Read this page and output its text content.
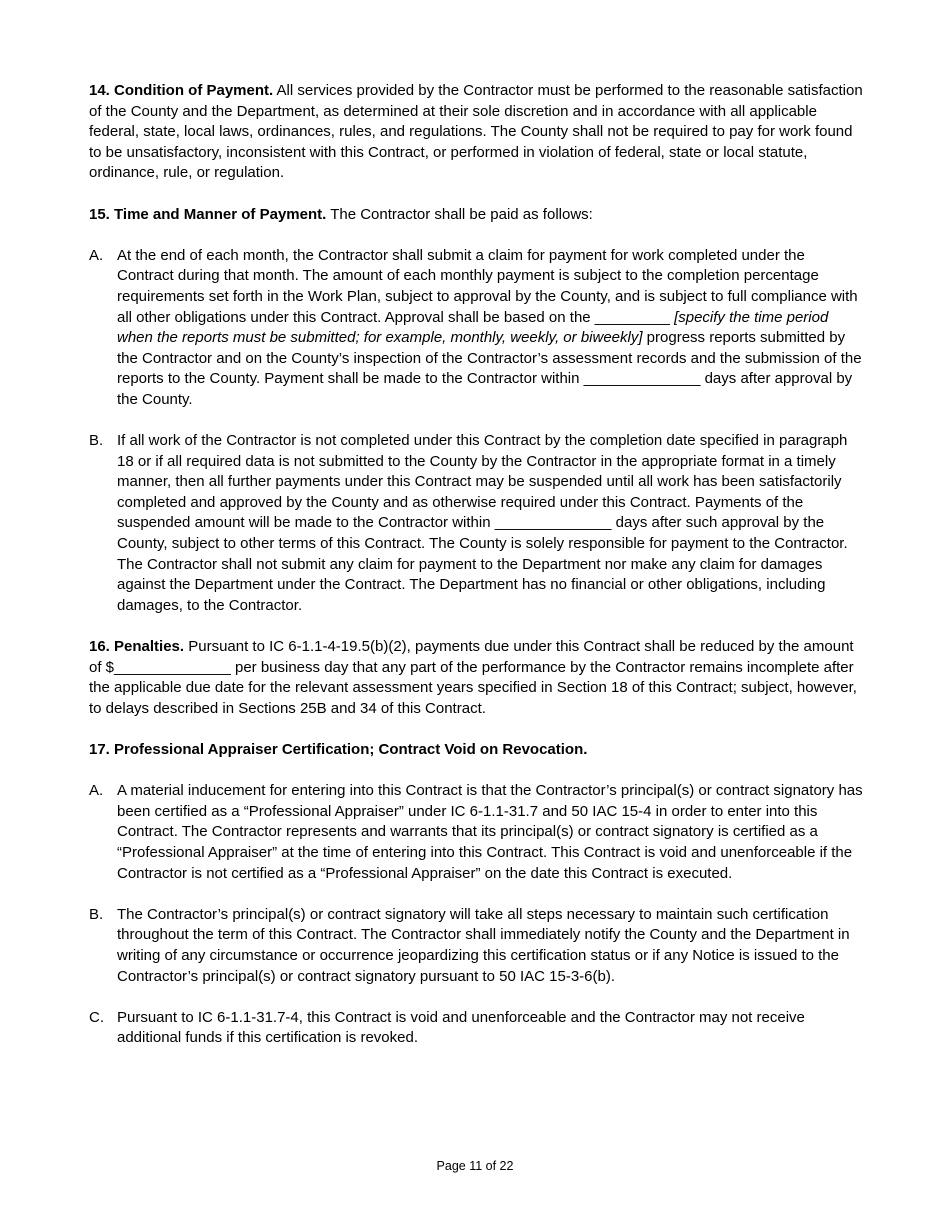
14. Condition of Payment. All services provided by the Contractor must be performed to the reasonable satisfaction of the County and the Department, as determined at their sole discretion and in accordance with all applicable federal, state, local laws, ordinances, rules, and regulations. The County shall not be required to pay for work found to be unsatisfactory, inconsistent with this Contract, or performed in violation of federal, state or local statute, ordinance, rule, or regulation.

15. Time and Manner of Payment. The Contractor shall be paid as follows:

A. At the end of each month, the Contractor shall submit a claim for payment for work completed under the Contract during that month. The amount of each monthly payment is subject to the completion percentage requirements set forth in the Work Plan, subject to approval by the County, and is subject to full compliance with all other obligations under this Contract. Approval shall be based on the _________ [specify the time period when the reports must be submitted; for example, monthly, weekly, or biweekly] progress reports submitted by the Contractor and on the County’s inspection of the Contractor’s assessment records and the submission of the reports to the County. Payment shall be made to the Contractor within ______________ days after approval by the County.

B. If all work of the Contractor is not completed under this Contract by the completion date specified in paragraph 18 or if all required data is not submitted to the County by the Contractor in the appropriate format in a timely manner, then all further payments under this Contract may be suspended until all work has been satisfactorily completed and approved by the County and as otherwise required under this Contract. Payments of the suspended amount will be made to the Contractor within ______________ days after such approval by the County, subject to other terms of this Contract. The County is solely responsible for payment to the Contractor. The Contractor shall not submit any claim for payment to the Department nor make any claim for damages against the Department under the Contract. The Department has no financial or other obligations, including damages, to the Contractor.

16. Penalties. Pursuant to IC 6-1.1-4-19.5(b)(2), payments due under this Contract shall be reduced by the amount of $______________ per business day that any part of the performance by the Contractor remains incomplete after the applicable due date for the relevant assessment years specified in Section 18 of this Contract; subject, however, to delays described in Sections 25B and 34 of this Contract.

17. Professional Appraiser Certification; Contract Void on Revocation.

A. A material inducement for entering into this Contract is that the Contractor’s principal(s) or contract signatory has been certified as a “Professional Appraiser” under IC 6-1.1-31.7 and 50 IAC 15-4 in order to enter into this Contract. The Contractor represents and warrants that its principal(s) or contract signatory is certified as a “Professional Appraiser” at the time of entering into this Contract. This Contract is void and unenforceable if the Contractor is not certified as a “Professional Appraiser” on the date this Contract is executed.

B. The Contractor’s principal(s) or contract signatory will take all steps necessary to maintain such certification throughout the term of this Contract. The Contractor shall immediately notify the County and the Department in writing of any circumstance or occurrence jeopardizing this certification status or if any Notice is issued to the Contractor’s principal(s) or contract signatory pursuant to 50 IAC 15-3-6(b).

C. Pursuant to IC 6-1.1-31.7-4, this Contract is void and unenforceable and the Contractor may not receive additional funds if this certification is revoked.

Page 11 of 22
